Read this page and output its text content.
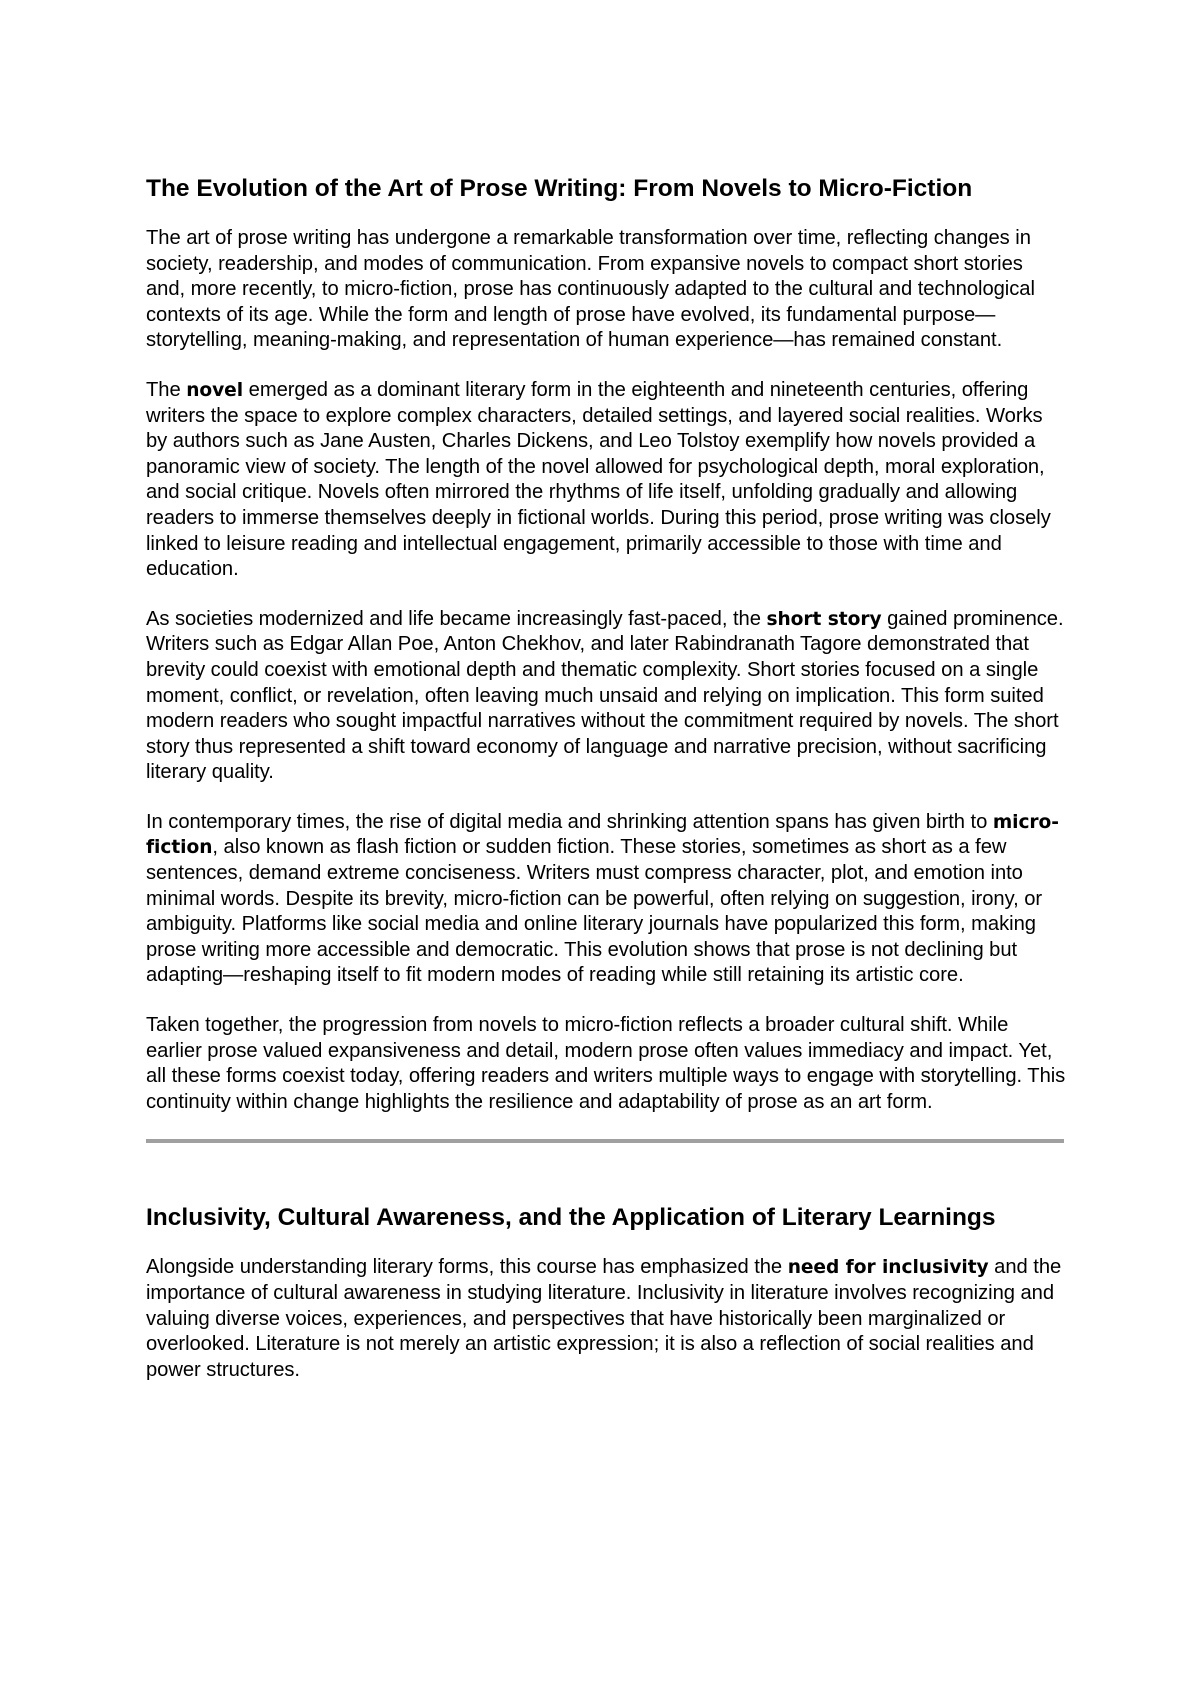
The Evolution of the Art of Prose Writing: From Novels to Micro-Fiction

The art of prose writing has undergone a remarkable transformation over time, reflecting changes in society, readership, and modes of communication. From expansive novels to compact short stories and, more recently, to micro-fiction, prose has continuously adapted to the cultural and technological contexts of its age. While the form and length of prose have evolved, its fundamental purpose—storytelling, meaning-making, and representation of human experience—has remained constant.

The novel emerged as a dominant literary form in the eighteenth and nineteenth centuries, offering writers the space to explore complex characters, detailed settings, and layered social realities. Works by authors such as Jane Austen, Charles Dickens, and Leo Tolstoy exemplify how novels provided a panoramic view of society. The length of the novel allowed for psychological depth, moral exploration, and social critique. Novels often mirrored the rhythms of life itself, unfolding gradually and allowing readers to immerse themselves deeply in fictional worlds. During this period, prose writing was closely linked to leisure reading and intellectual engagement, primarily accessible to those with time and education.

As societies modernized and life became increasingly fast-paced, the short story gained prominence. Writers such as Edgar Allan Poe, Anton Chekhov, and later Rabindranath Tagore demonstrated that brevity could coexist with emotional depth and thematic complexity. Short stories focused on a single moment, conflict, or revelation, often leaving much unsaid and relying on implication. This form suited modern readers who sought impactful narratives without the commitment required by novels. The short story thus represented a shift toward economy of language and narrative precision, without sacrificing literary quality.

In contemporary times, the rise of digital media and shrinking attention spans has given birth to micro-fiction, also known as flash fiction or sudden fiction. These stories, sometimes as short as a few sentences, demand extreme conciseness. Writers must compress character, plot, and emotion into minimal words. Despite its brevity, micro-fiction can be powerful, often relying on suggestion, irony, or ambiguity. Platforms like social media and online literary journals have popularized this form, making prose writing more accessible and democratic. This evolution shows that prose is not declining but adapting—reshaping itself to fit modern modes of reading while still retaining its artistic core.

Taken together, the progression from novels to micro-fiction reflects a broader cultural shift. While earlier prose valued expansiveness and detail, modern prose often values immediacy and impact. Yet, all these forms coexist today, offering readers and writers multiple ways to engage with storytelling. This continuity within change highlights the resilience and adaptability of prose as an art form.

Inclusivity, Cultural Awareness, and the Application of Literary Learnings

Alongside understanding literary forms, this course has emphasized the need for inclusivity and the importance of cultural awareness in studying literature. Inclusivity in literature involves recognizing and valuing diverse voices, experiences, and perspectives that have historically been marginalized or overlooked. Literature is not merely an artistic expression; it is also a reflection of social realities and power structures.
